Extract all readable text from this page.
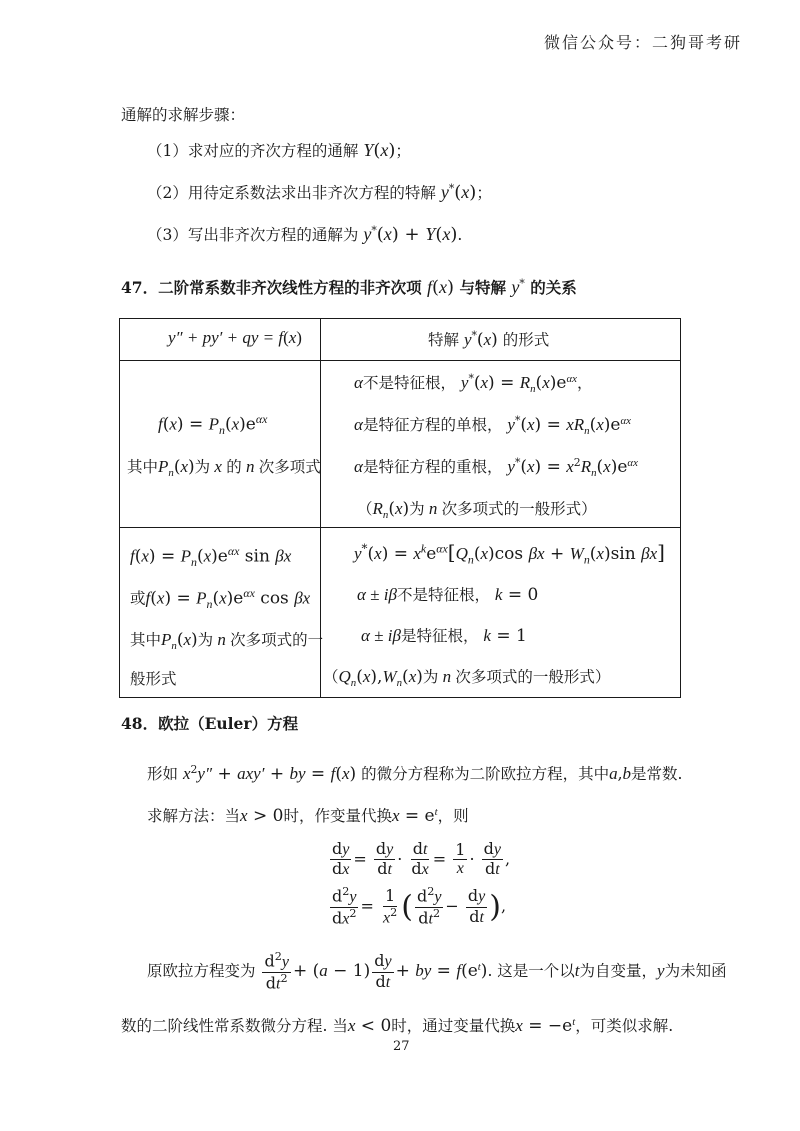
微信公众号：二狗哥考研
通解的求解步骤：
（1）求对应的齐次方程的通解 Y(x)；
（2）用待定系数法求出非齐次方程的特解 y*(x)；
（3）写出非齐次方程的通解为 y*(x) + Y(x).
47．二阶常系数非齐次线性方程的非齐次项 f(x) 与特解 y* 的关系
y″ + py′ + qy = f(x)	特解 y*(x) 的形式
$f(x) = P_n(x)e^{\alpha x}$
其中$P_n(x)$为 x 的 n 次多项式
α不是特征根， $y^*(x) = R_n(x)e^{\alpha x}$，
α是特征方程的单根， $y^*(x) = xR_n(x)e^{\alpha x}$
α是特征方程的重根， $y^*(x) = x^2R_n(x)e^{\alpha x}$
（$R_n(x)$为 n 次多项式的一般形式）
$f(x) = P_n(x)e^{\alpha x}$ sin βx
或$f(x) = P_n(x)e^{\alpha x}$ cos βx
其中$P_n(x)$为 n 次多项式的一
般形式
$y^*(x) = x^ke^{\alpha x}[Q_n(x)\cos$ $\beta x + W_n(x)\sin$ βx]
α ± iβ不是特征根， k = 0
α ± iβ是特征根， k = 1
（$Q_n(x),W_n(x)$为 n 次多项式的一般形式）
48．欧拉（Euler）方程
形如 $x^2y'' + axy'$ + by = f(x) 的微分方程称为二阶欧拉方程，其中a,b是常数.
求解方法：当x > 0时，作变量代换$x = e^t$，则
$\frac{dy}{dx} = \frac{dy}{dt} \cdot \frac{dt}{dx} = \frac{1}{x} \cdot \frac{dy}{dt}$ ,
$\frac{d^2y}{dx^2} = \frac{1}{x^2}$ ( $\frac{d^2y}{dt^2} - \frac{dy}{dt}$ ),
原欧拉方程变为 $\frac{d^2y}{dt^2} + (a - 1) \frac{dy}{dt}$ + by = $f(e^t)$. 这是一个以t为自变量，y为未知函
数的二阶线性常系数微分方程. 当x < 0时，通过变量代换$x = -e^t$，可类似求解.
27
